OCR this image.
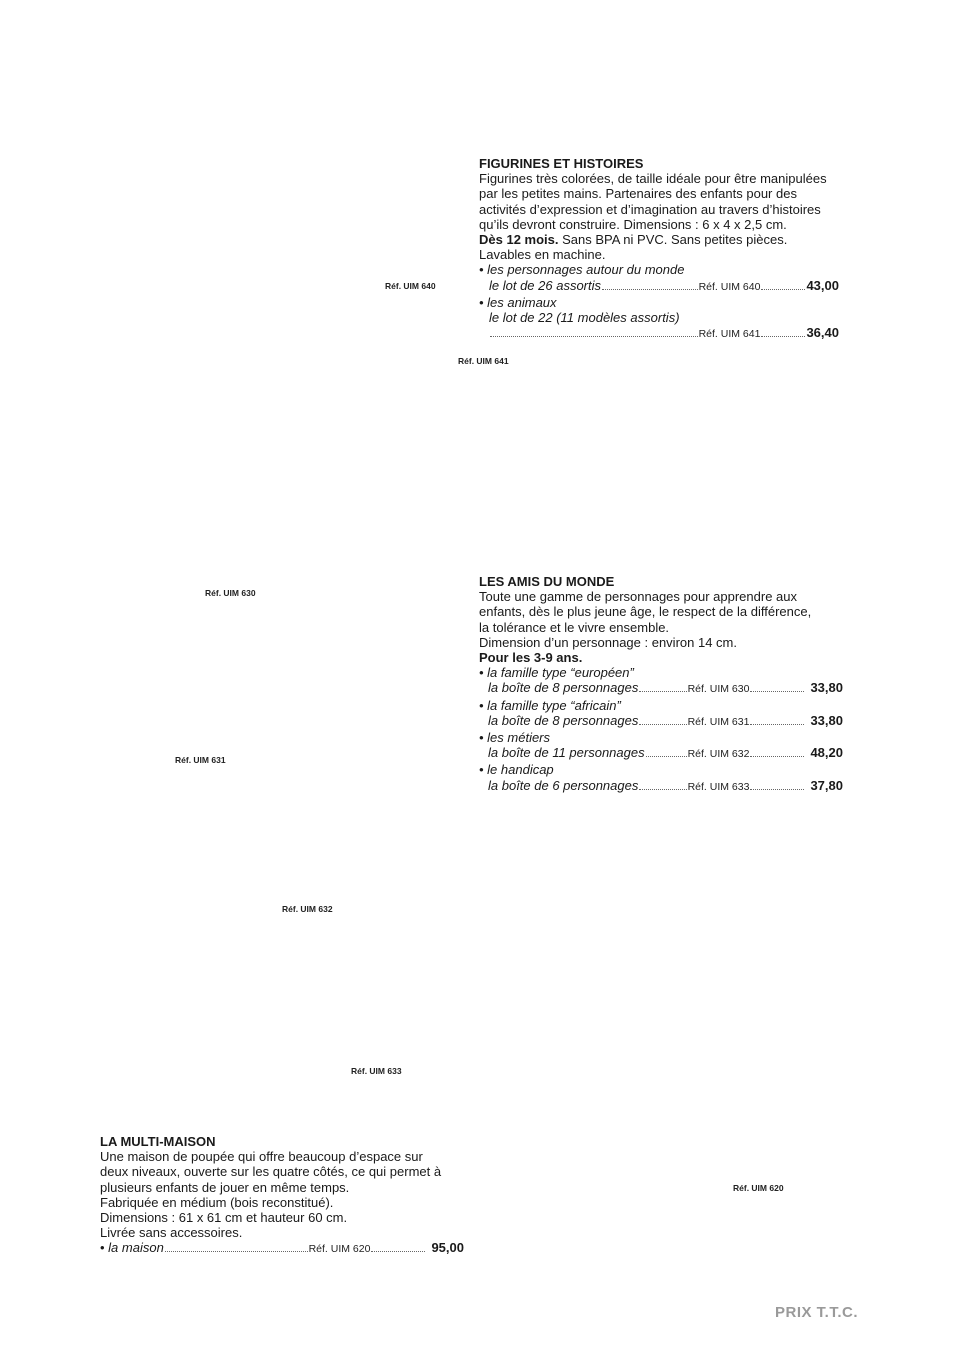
Réf. UIM 640
Réf. UIM 641
Réf. UIM 630
Réf. UIM 631
Réf. UIM 632
Réf. UIM 633
Réf. UIM 620
FIGURINES ET HISTOIRES
Figurines très colorées, de taille idéale pour être manipulées
par les petites mains. Partenaires des enfants pour des
activités d’expression et d’imagination au travers d’histoires
qu’ils devront construire. Dimensions : 6 x 4 x 2,5 cm.
Dès 12 mois. Sans BPA ni PVC. Sans petites pièces.
Lavables en machine.
• les personnages autour du monde
le lot de 26 assortis	Réf. UIM 640	43,00
• les animaux
le lot de 22 (11 modèles assortis)
Réf. UIM 641	36,40
LES AMIS DU MONDE
Toute une gamme de personnages pour apprendre aux
enfants, dès le plus jeune âge, le respect de la différence,
la tolérance et le vivre ensemble.
Dimension d’un personnage : environ 14 cm.
Pour les 3-9 ans.
• la famille type “européen”
la boîte de 8 personnages	Réf. UIM 630	33,80
• la famille type “africain”
la boîte de 8 personnages	Réf. UIM 631	33,80
• les métiers
la boîte de 11 personnages	Réf. UIM 632	48,20
• le handicap
la boîte de 6 personnages	Réf. UIM 633	37,80
LA MULTI-MAISON
Une maison de poupée qui offre beaucoup d’espace sur
deux niveaux, ouverte sur les quatre côtés, ce qui permet à
plusieurs enfants de jouer en même temps.
Fabriquée en médium (bois reconstitué).
Dimensions : 61 x 61 cm et hauteur 60 cm.
Livrée sans accessoires.
• la maison	Réf. UIM 620	95,00
PRIX T.T.C.
